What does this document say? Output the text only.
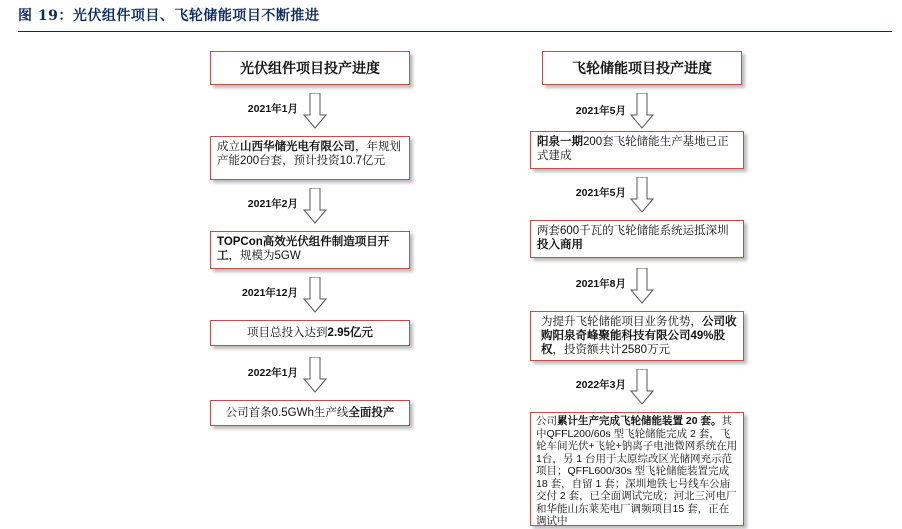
图 19：光伏组件项目、飞轮储能项目不断推进
光伏组件项目投产进度
2021年1月
成立山西华储光电有限公司，年规划产能200台套，预计投资10.7亿元
2021年2月
TOPCon高效光伏组件制造项目开工，规模为5GW
2021年12月
项目总投入达到2.95亿元
2022年1月
公司首条0.5GWh生产线全面投产
飞轮储能项目投产进度
2021年5月
阳泉一期200套飞轮储能生产基地已正式建成
2021年5月
两套600千瓦的飞轮储能系统运抵深圳投入商用
2021年8月
为提升飞轮储能项目业务优势，公司收购阳泉奇峰聚能科技有限公司49%股权，投资额共计2580万元
2022年3月
公司累计生产完成飞轮储能装置 20 套。其中QFFL200/60s 型飞轮储能完成 2 套，飞轮车间光伏+飞轮+钠离子电池微网系统在用 1台，另 1 台用于太原综改区光储网充示范项目；QFFL600/30s 型飞轮储能装置完成 18 套，自留 1 套；深圳地铁七号线车公庙交付 2 套，已全面调试完成；河北三河电厂和华能山东莱芜电厂调频项目15 套，正在调试中
